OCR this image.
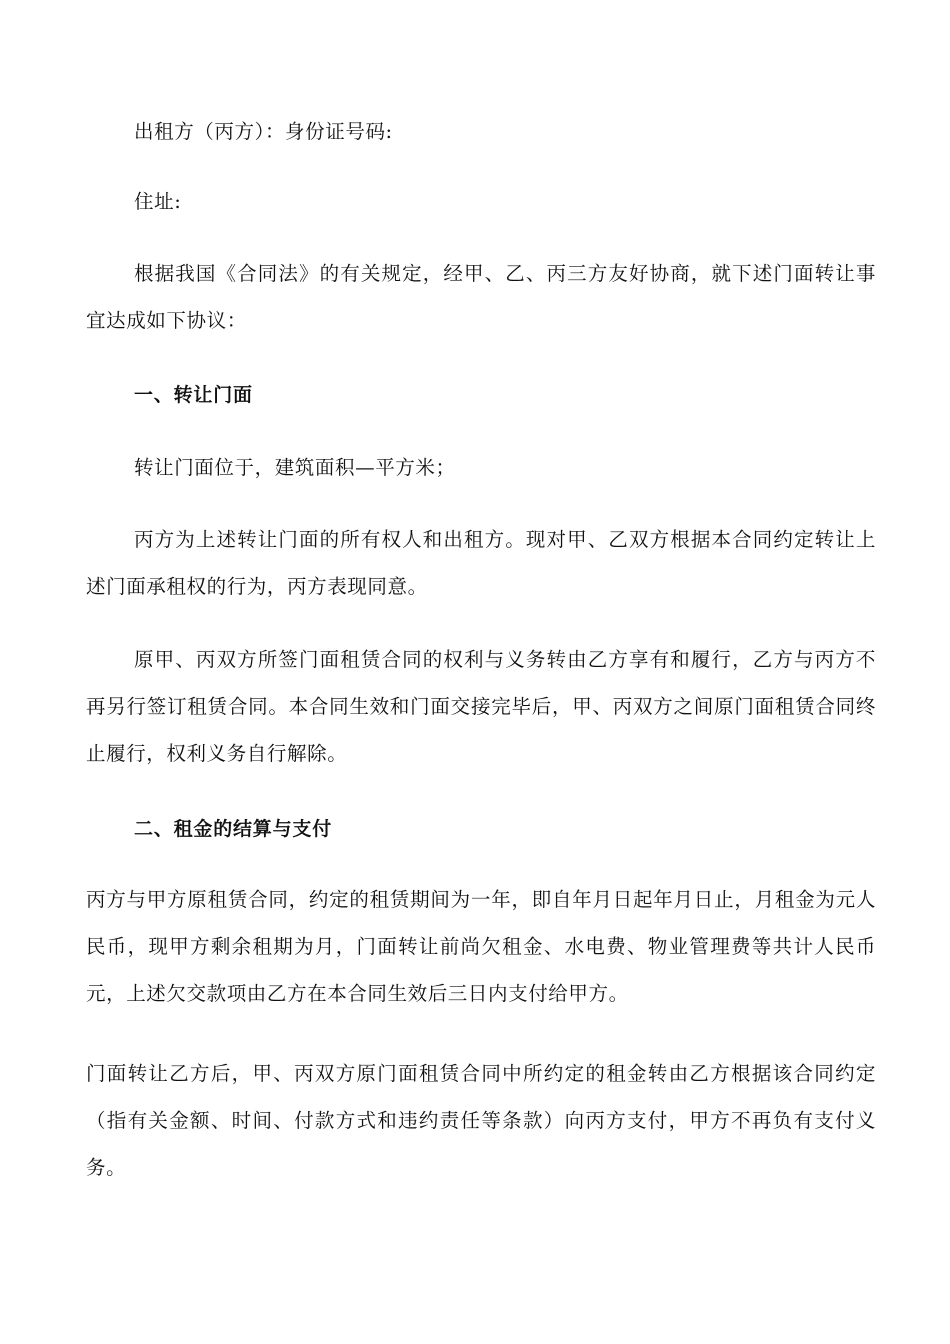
出租方（丙方）：身份证号码:

住址:

根据我国《合同法》的有关规定，经甲、乙、丙三方友好协商，就下述门面转让事宜达成如下协议：

一、转让门面

转让门面位于，建筑面积—平方米；

丙方为上述转让门面的所有权人和出租方。现对甲、乙双方根据本合同约定转让上述门面承租权的行为，丙方表现同意。

原甲、丙双方所签门面租赁合同的权利与义务转由乙方享有和履行，乙方与丙方不再另行签订租赁合同。本合同生效和门面交接完毕后，甲、丙双方之间原门面租赁合同终止履行，权利义务自行解除。

二、租金的结算与支付

丙方与甲方原租赁合同，约定的租赁期间为一年，即自年月日起年月日止，月租金为元人民币，现甲方剩余租期为月，门面转让前尚欠租金、水电费、物业管理费等共计人民币元，上述欠交款项由乙方在本合同生效后三日内支付给甲方。

门面转让乙方后，甲、丙双方原门面租赁合同中所约定的租金转由乙方根据该合同约定（指有关金额、时间、付款方式和违约责任等条款）向丙方支付，甲方不再负有支付义务。
